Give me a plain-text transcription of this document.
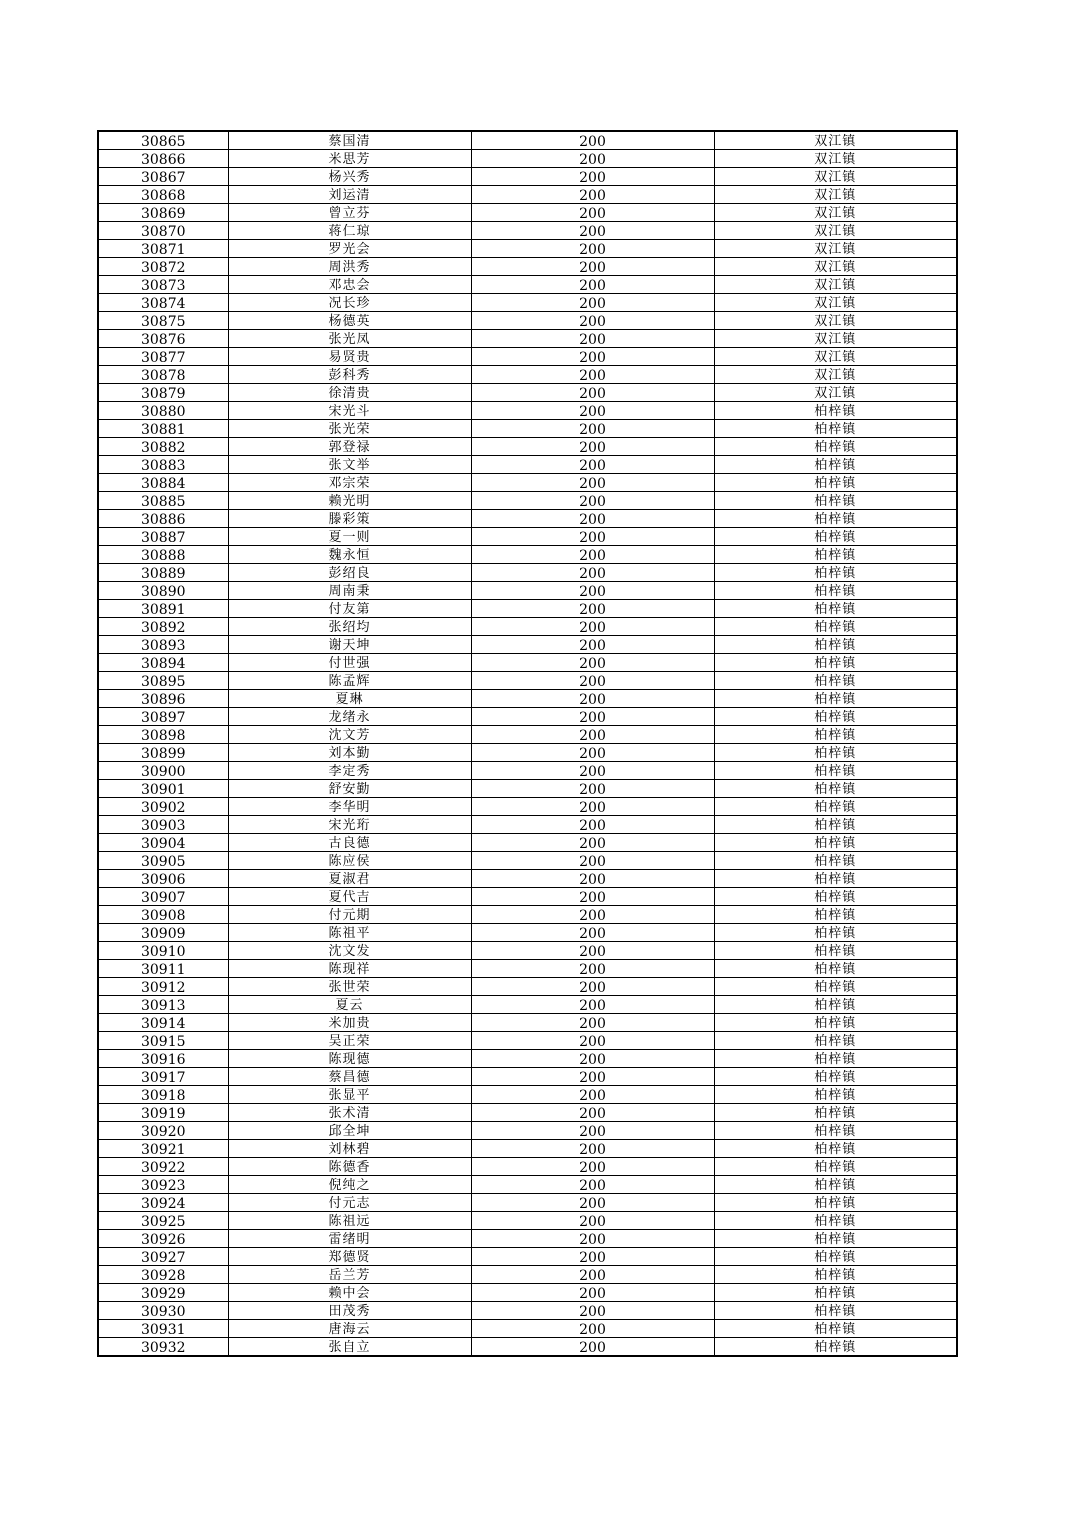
30865	蔡国清	200	双江镇
30866	米思芳	200	双江镇
30867	杨兴秀	200	双江镇
30868	刘运清	200	双江镇
30869	曾立芬	200	双江镇
30870	蒋仁琼	200	双江镇
30871	罗光会	200	双江镇
30872	周洪秀	200	双江镇
30873	邓忠会	200	双江镇
30874	况长珍	200	双江镇
30875	杨德英	200	双江镇
30876	张光凤	200	双江镇
30877	易贤贵	200	双江镇
30878	彭科秀	200	双江镇
30879	徐清贵	200	双江镇
30880	宋光斗	200	柏梓镇
30881	张光荣	200	柏梓镇
30882	郭登禄	200	柏梓镇
30883	张文举	200	柏梓镇
30884	邓宗荣	200	柏梓镇
30885	赖光明	200	柏梓镇
30886	滕彩策	200	柏梓镇
30887	夏一则	200	柏梓镇
30888	魏永恒	200	柏梓镇
30889	彭绍良	200	柏梓镇
30890	周南秉	200	柏梓镇
30891	付友第	200	柏梓镇
30892	张绍均	200	柏梓镇
30893	谢天坤	200	柏梓镇
30894	付世强	200	柏梓镇
30895	陈孟辉	200	柏梓镇
30896	夏琳	200	柏梓镇
30897	龙绪永	200	柏梓镇
30898	沈文芳	200	柏梓镇
30899	刘本勤	200	柏梓镇
30900	李定秀	200	柏梓镇
30901	舒安勤	200	柏梓镇
30902	李华明	200	柏梓镇
30903	宋光珩	200	柏梓镇
30904	古良德	200	柏梓镇
30905	陈应侯	200	柏梓镇
30906	夏淑君	200	柏梓镇
30907	夏代吉	200	柏梓镇
30908	付元期	200	柏梓镇
30909	陈祖平	200	柏梓镇
30910	沈文发	200	柏梓镇
30911	陈现祥	200	柏梓镇
30912	张世荣	200	柏梓镇
30913	夏云	200	柏梓镇
30914	米加贵	200	柏梓镇
30915	吴正荣	200	柏梓镇
30916	陈现德	200	柏梓镇
30917	蔡昌德	200	柏梓镇
30918	张显平	200	柏梓镇
30919	张术清	200	柏梓镇
30920	邱全坤	200	柏梓镇
30921	刘林碧	200	柏梓镇
30922	陈德香	200	柏梓镇
30923	倪纯之	200	柏梓镇
30924	付元志	200	柏梓镇
30925	陈祖远	200	柏梓镇
30926	雷绪明	200	柏梓镇
30927	郑德贤	200	柏梓镇
30928	岳兰芳	200	柏梓镇
30929	赖中会	200	柏梓镇
30930	田茂秀	200	柏梓镇
30931	唐海云	200	柏梓镇
30932	张自立	200	柏梓镇
